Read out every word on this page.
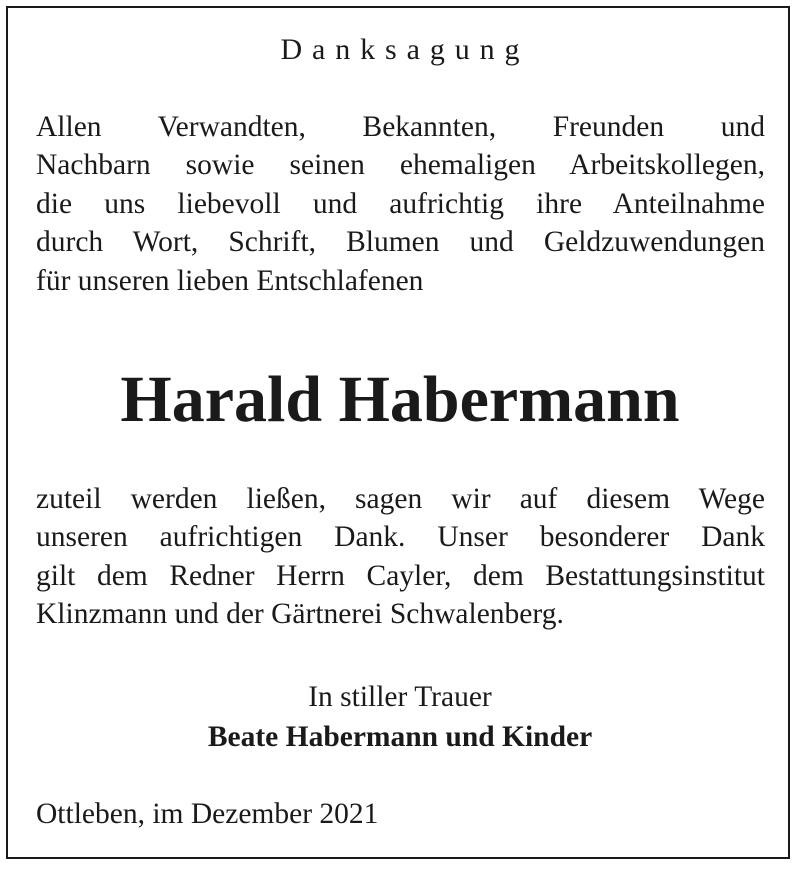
Danksagung
Allen Verwandten, Bekannten, Freunden und
Nachbarn sowie seinen ehemaligen Arbeitskollegen,
die uns liebevoll und aufrichtig ihre Anteilnahme
durch Wort, Schrift, Blumen und Geldzuwendungen
für unseren lieben Entschlafenen
Harald Habermann
zuteil werden ließen, sagen wir auf diesem Wege
unseren aufrichtigen Dank. Unser besonderer Dank
gilt dem Redner Herrn Cayler, dem Bestattungsinstitut
Klinzmann und der Gärtnerei Schwalenberg.
In stiller Trauer
Beate Habermann und Kinder
Ottleben, im Dezember 2021
